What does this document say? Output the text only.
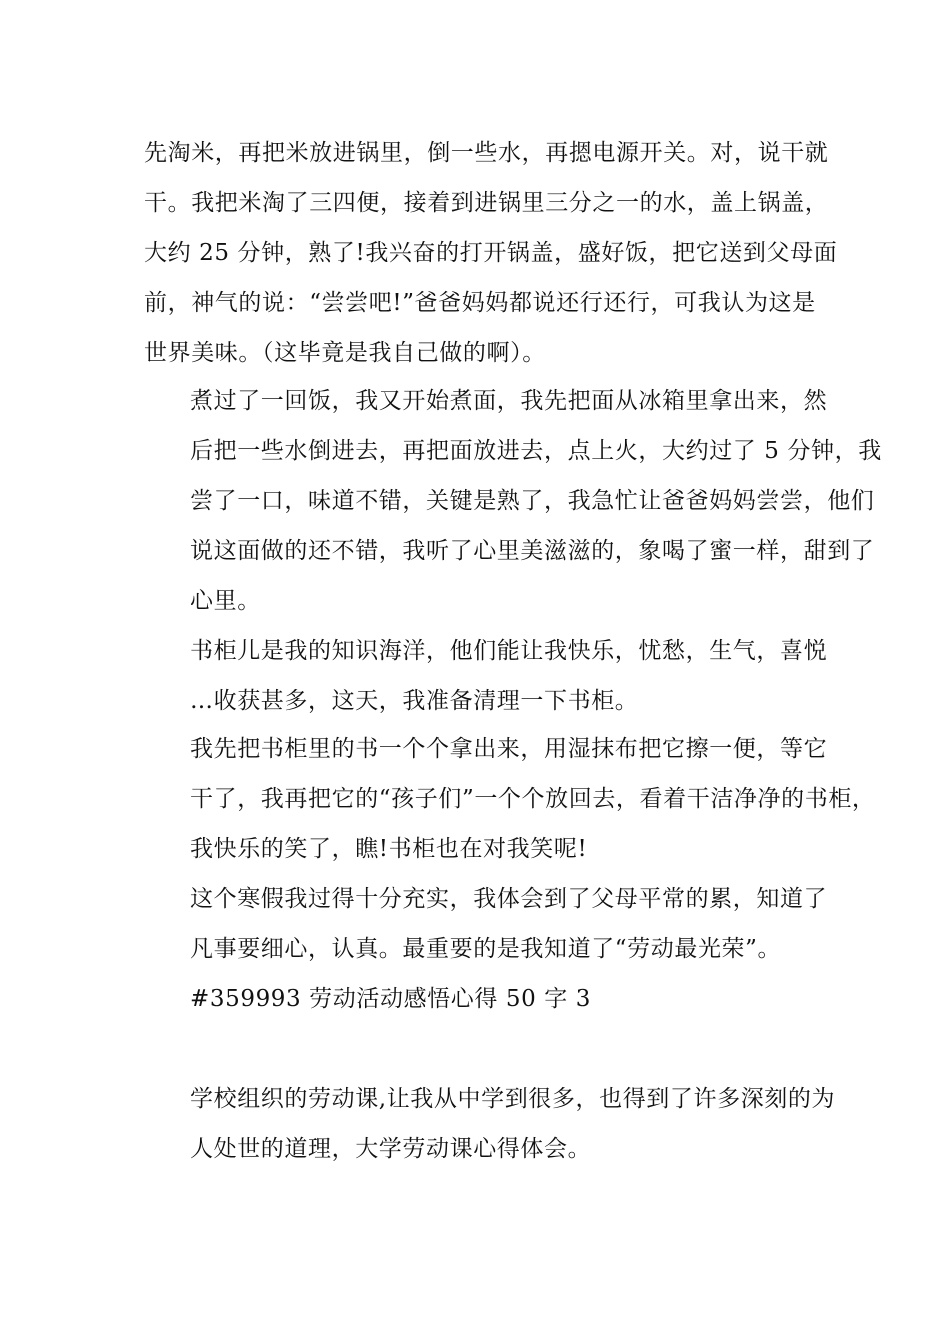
先淘米，再把米放进锅里，倒一些水，再摁电源开关。对，说干就
干。我把米淘了三四便，接着到进锅里三分之一的水，盖上锅盖，
大约 25 分钟，熟了!我兴奋的打开锅盖，盛好饭，把它送到父母面
前，神气的说：“尝尝吧!”爸爸妈妈都说还行还行，可我认为这是
世界美味。（这毕竟是我自己做的啊）。
煮过了一回饭，我又开始煮面，我先把面从冰箱里拿出来，然
后把一些水倒进去，再把面放进去，点上火，大约过了 5 分钟，我
尝了一口，味道不错，关键是熟了，我急忙让爸爸妈妈尝尝，他们
说这面做的还不错，我听了心里美滋滋的，象喝了蜜一样，甜到了
心里。
书柜儿是我的知识海洋，他们能让我快乐，忧愁，生气，喜悦
…收获甚多，这天，我准备清理一下书柜。
我先把书柜里的书一个个拿出来，用湿抹布把它擦一便，等它
干了，我再把它的“孩子们”一个个放回去，看着干洁净净的书柜，
我快乐的笑了，瞧!书柜也在对我笑呢!
这个寒假我过得十分充实，我体会到了父母平常的累，知道了
凡事要细心，认真。最重要的是我知道了“劳动最光荣”。
#359993 劳动活动感悟心得 50 字 3
学校组织的劳动课,让我从中学到很多，也得到了许多深刻的为
人处世的道理，大学劳动课心得体会。
